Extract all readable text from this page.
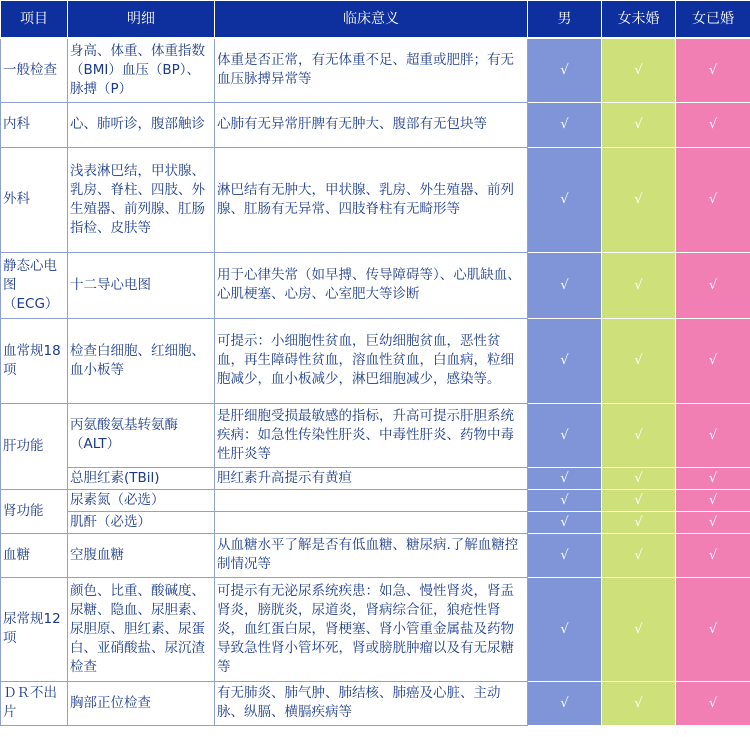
项目	明细	临床意义	男	女未婚	女已婚
一般检查	身高、体重、体重指数（BMI）血压（BP）、脉搏（P）	体重是否正常，有无体重不足、超重或肥胖；有无血压脉搏异常等	√	√	√
内科	心、肺听诊，腹部触诊	心肺有无异常肝脾有无肿大、腹部有无包块等	√	√	√
外科	浅表淋巴结，甲状腺、乳房、脊柱、四肢、外生殖器、前列腺、肛肠指检、皮肤等	淋巴结有无肿大，甲状腺、乳房、外生殖器、前列腺、肛肠有无异常、四肢脊柱有无畸形等	√	√	√
静态心电图（ECG）	十二导心电图	用于心律失常（如早搏、传导障碍等）、心肌缺血、心肌梗塞、心房、心室肥大等诊断	√	√	√
血常规18项	检查白细胞、红细胞、血小板等	可提示：小细胞性贫血，巨幼细胞贫血，恶性贫血，再生障碍性贫血，溶血性贫血，白血病，粒细胞减少，血小板减少，淋巴细胞减少，感染等。	√	√	√
肝功能	丙氨酸氨基转氨酶（ALT）	是肝细胞受损最敏感的指标，升高可提示肝胆系统疾病：如急性传染性肝炎、中毒性肝炎、药物中毒性肝炎等	√	√	√
	总胆红素(TBil)	胆红素升高提示有黄疸	√	√	√
肾功能	尿素氮（必选）		√	√	√
	肌酐（必选）		√	√	√
血糖	空腹血糖	从血糖水平了解是否有低血糖、糖尿病.了解血糖控制情况等	√	√	√
尿常规12项	颜色、比重、酸碱度、尿糖、隐血、尿胆素、尿胆原、胆红素、尿蛋白、亚硝酸盐、尿沉渣检查	可提示有无泌尿系统疾患：如急、慢性肾炎，肾盂肾炎，膀胱炎，尿道炎，肾病综合征，狼疮性肾炎，血红蛋白尿，肾梗塞、肾小管重金属盐及药物导致急性肾小管坏死，肾或膀胱肿瘤以及有无尿糖等	√	√	√
ＤＲ不出片	胸部正位检查	有无肺炎、肺气肿、肺结核、肺癌及心脏、主动脉、纵膈、横膈疾病等	√	√	√
